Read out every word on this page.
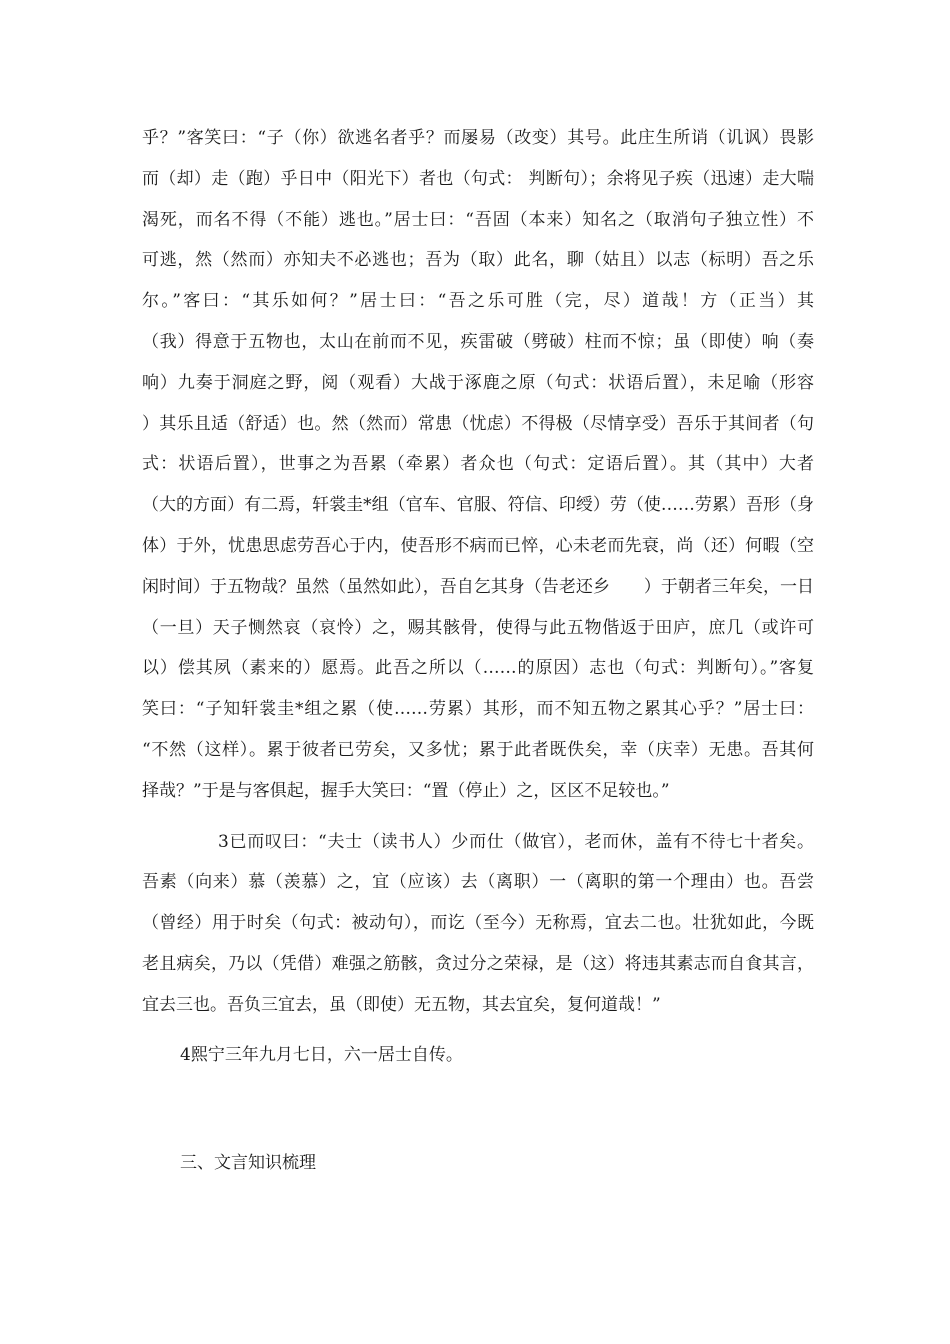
乎？”客笑曰：“子（你）欲逃名者乎？而屡易（改变）其号。此庄生所诮（讥讽）畏影
而（却）走（跑）乎日中（阳光下）者也（句式： 判断句）；余将见子疾（迅速）走大喘
渴死，而名不得（不能）逃也。”居士曰：“吾固（本来）知名之（取消句子独立性）不
可逃，然（然而）亦知夫不必逃也；吾为（取）此名，聊（姑且）以志（标明）吾之乐
尔。”客曰：“其乐如何？”居士曰：“吾之乐可胜（完，尽）道哉！方（正当）其
（我）得意于五物也，太山在前而不见，疾雷破（劈破）柱而不惊；虽（即使）响（奏
响）九奏于洞庭之野，阅（观看）大战于涿鹿之原（句式：状语后置），未足喻（形容
）其乐且适（舒适）也。然（然而）常患（忧虑）不得极（尽情享受）吾乐于其间者（句
式：状语后置），世事之为吾累（牵累）者众也（句式：定语后置）。其（其中）大者
（大的方面）有二焉，轩裳圭*组（官车、官服、符信、印绶）劳（使……劳累）吾形（身
体）于外，忧患思虑劳吾心于内，使吾形不病而已悴，心未老而先衰，尚（还）何暇（空
闲时间）于五物哉？虽然（虽然如此），吾自乞其身（告老还乡　　）于朝者三年矣，一日
（一旦）天子恻然哀（哀怜）之，赐其骸骨，使得与此五物偕返于田庐，庶几（或许可
以）偿其夙（素来的）愿焉。此吾之所以（……的原因）志也（句式：判断句）。”客复
笑曰：“子知轩裳圭*组之累（使……劳累）其形，而不知五物之累其心乎？”居士曰：
“不然（这样）。累于彼者已劳矣，又多忧；累于此者既佚矣，幸（庆幸）无患。吾其何
择哉？”于是与客俱起，握手大笑曰：“置（停止）之，区区不足较也。”
3已而叹曰：“夫士（读书人）少而仕（做官），老而休，盖有不待七十者矣。
吾素（向来）慕（羡慕）之，宜（应该）去（离职）一（离职的第一个理由）也。吾尝
（曾经）用于时矣（句式：被动句），而讫（至今）无称焉，宜去二也。壮犹如此，今既
老且病矣，乃以（凭借）难强之筋骸，贪过分之荣禄，是（这）将违其素志而自食其言，
宜去三也。吾负三宜去，虽（即使）无五物，其去宜矣，复何道哉！”

4熙宁三年九月七日，六一居士自传。

三、文言知识梳理
